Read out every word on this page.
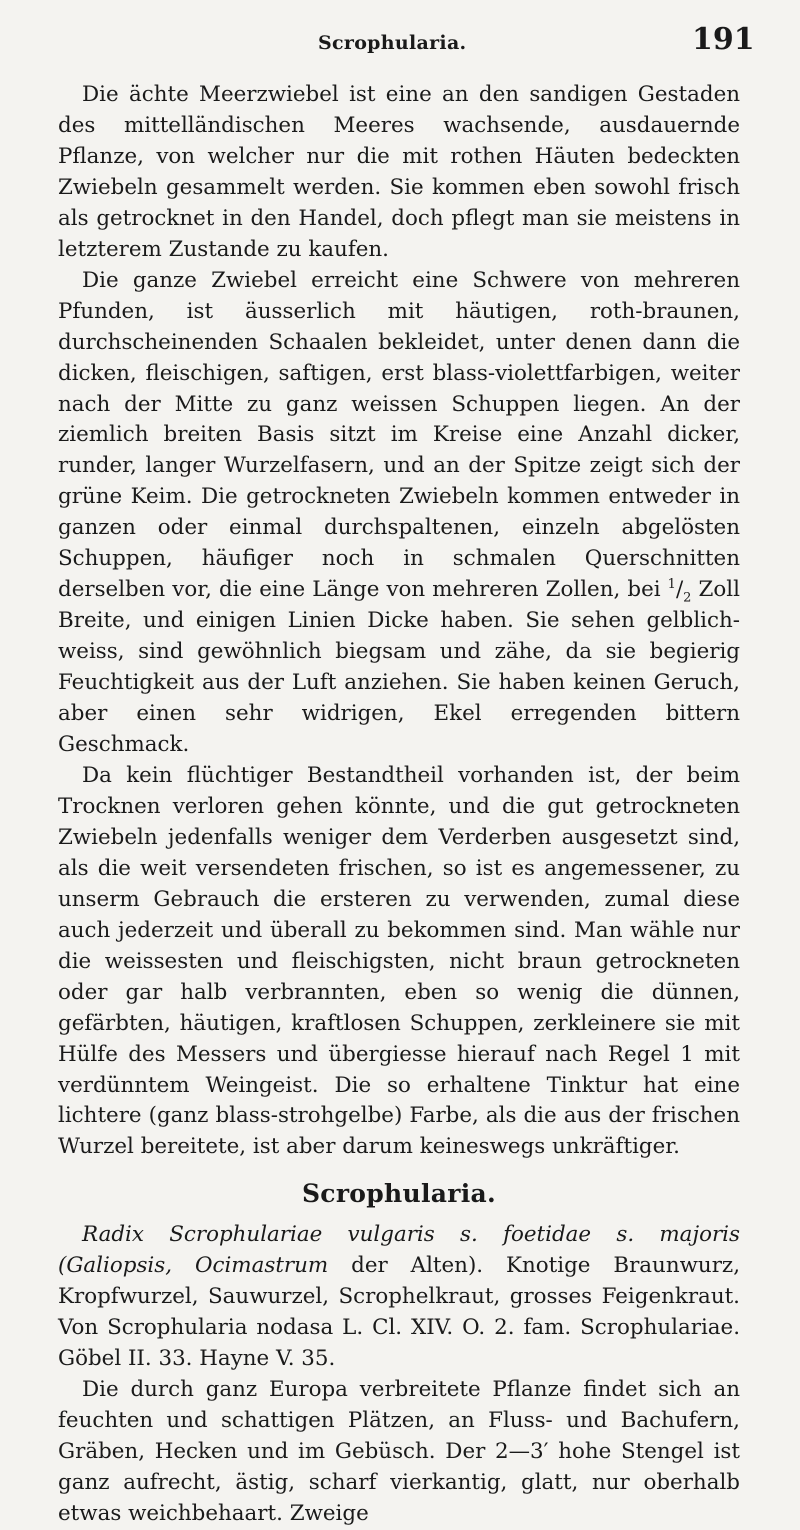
Scrophularia.	191

Die ächte Meerzwiebel ist eine an den sandigen Gestaden des mittelländischen Meeres wachsende, ausdauernde Pflanze, von welcher nur die mit rothen Häuten bedeckten Zwiebeln gesammelt werden. Sie kommen eben sowohl frisch als getrocknet in den Handel, doch pflegt man sie meistens in letzterem Zustande zu kaufen.

Die ganze Zwiebel erreicht eine Schwere von mehreren Pfunden, ist äusserlich mit häutigen, roth-braunen, durchscheinenden Schaalen bekleidet, unter denen dann die dicken, fleischigen, saftigen, erst blass-violettfarbigen, weiter nach der Mitte zu ganz weissen Schuppen liegen. An der ziemlich breiten Basis sitzt im Kreise eine Anzahl dicker, runder, langer Wurzelfasern, und an der Spitze zeigt sich der grüne Keim. Die getrockneten Zwiebeln kommen entweder in ganzen oder einmal durchspaltenen, einzeln abgelösten Schuppen, häufiger noch in schmalen Querschnitten derselben vor, die eine Länge von mehreren Zollen, bei $^1/_2$ Zoll Breite, und einigen Linien Dicke haben. Sie sehen gelblich-weiss, sind gewöhnlich biegsam und zähe, da sie begierig Feuchtigkeit aus der Luft anziehen. Sie haben keinen Geruch, aber einen sehr widrigen, Ekel erregenden bittern Geschmack.

Da kein flüchtiger Bestandtheil vorhanden ist, der beim Trocknen verloren gehen könnte, und die gut getrockneten Zwiebeln jedenfalls weniger dem Verderben ausgesetzt sind, als die weit versendeten frischen, so ist es angemessener, zu unserm Gebrauch die ersteren zu verwenden, zumal diese auch jederzeit und überall zu bekommen sind. Man wähle nur die weissesten und fleischigsten, nicht braun getrockneten oder gar halb verbrannten, eben so wenig die dünnen, gefärbten, häutigen, kraftlosen Schuppen, zerkleinere sie mit Hülfe des Messers und übergiesse hierauf nach Regel 1 mit verdünntem Weingeist. Die so erhaltene Tinktur hat eine lichtere (ganz blass-strohgelbe) Farbe, als die aus der frischen Wurzel bereitete, ist aber darum keineswegs unkräftiger.

Scrophularia.

Radix Scrophulariae vulgaris s. foetidae s. majoris (Galiopsis, Ocimastrum der Alten). Knotige Braunwurz, Kropfwurzel, Sauwurzel, Scrophelkraut, grosses Feigenkraut. Von Scrophularia nodasa L. Cl. XIV. O. 2. fam. Scrophulariae. Göbel II. 33. Hayne V. 35.

Die durch ganz Europa verbreitete Pflanze findet sich an feuchten und schattigen Plätzen, an Fluss- und Bachufern, Gräben, Hecken und im Gebüsch. Der 2—3′ hohe Stengel ist ganz aufrecht, ästig, scharf vierkantig, glatt, nur oberhalb etwas weichbehaart. Zweige
